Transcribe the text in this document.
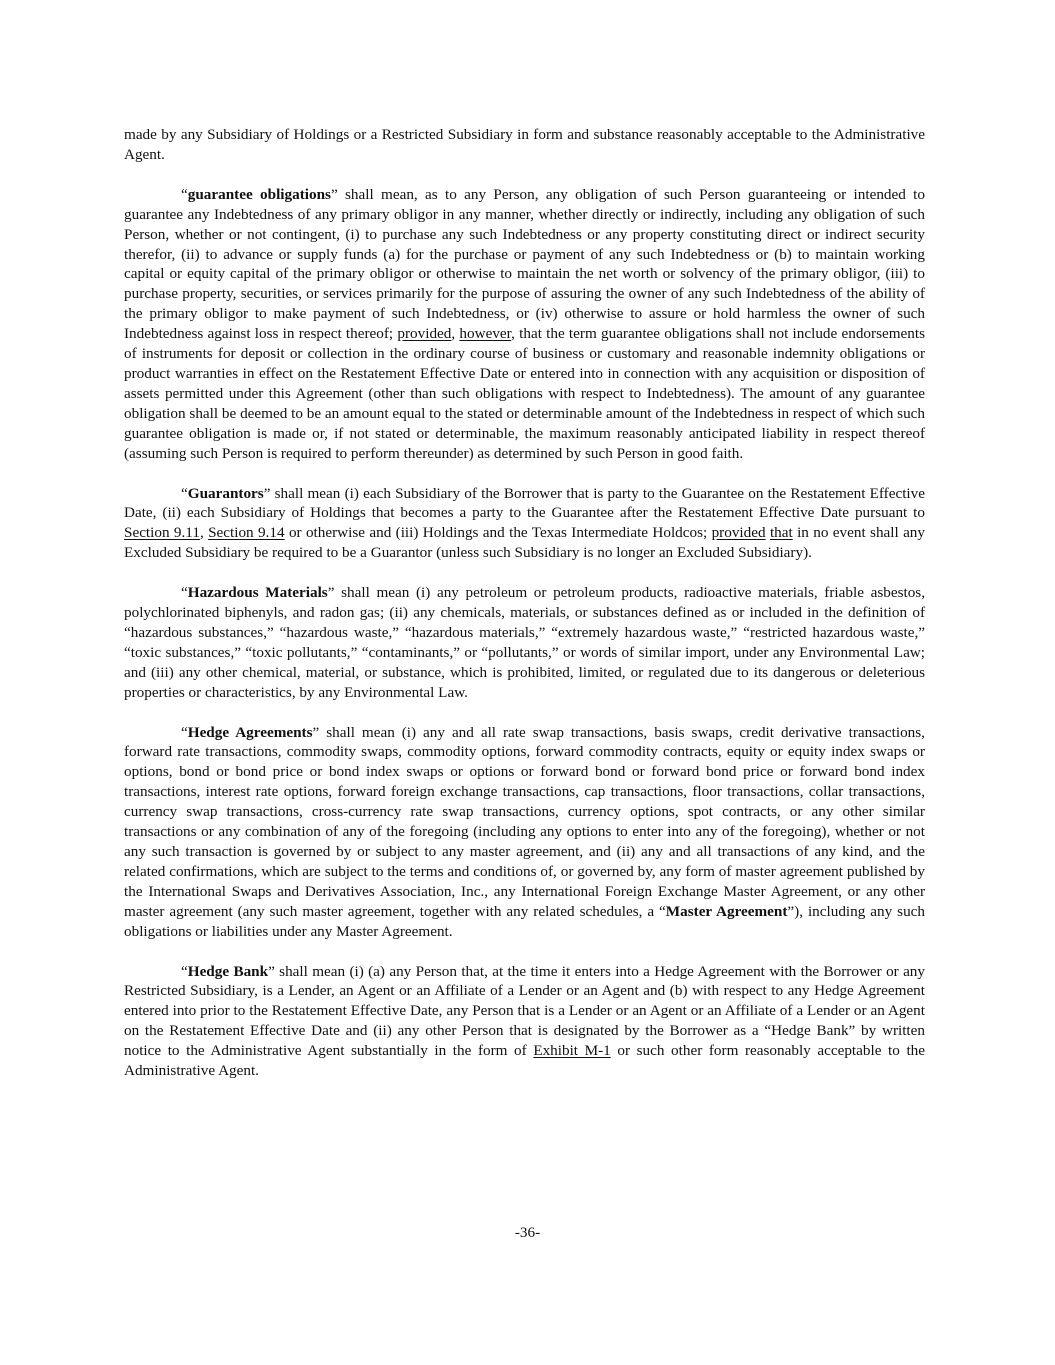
made by any Subsidiary of Holdings or a Restricted Subsidiary in form and substance reasonably acceptable to the Administrative Agent.

“guarantee obligations” shall mean, as to any Person, any obligation of such Person guaranteeing or intended to guarantee any Indebtedness of any primary obligor in any manner, whether directly or indirectly, including any obligation of such Person, whether or not contingent, (i) to purchase any such Indebtedness or any property constituting direct or indirect security therefor, (ii) to advance or supply funds (a) for the purchase or payment of any such Indebtedness or (b) to maintain working capital or equity capital of the primary obligor or otherwise to maintain the net worth or solvency of the primary obligor, (iii) to purchase property, securities, or services primarily for the purpose of assuring the owner of any such Indebtedness of the ability of the primary obligor to make payment of such Indebtedness, or (iv) otherwise to assure or hold harmless the owner of such Indebtedness against loss in respect thereof; provided, however, that the term guarantee obligations shall not include endorsements of instruments for deposit or collection in the ordinary course of business or customary and reasonable indemnity obligations or product warranties in effect on the Restatement Effective Date or entered into in connection with any acquisition or disposition of assets permitted under this Agreement (other than such obligations with respect to Indebtedness). The amount of any guarantee obligation shall be deemed to be an amount equal to the stated or determinable amount of the Indebtedness in respect of which such guarantee obligation is made or, if not stated or determinable, the maximum reasonably anticipated liability in respect thereof (assuming such Person is required to perform thereunder) as determined by such Person in good faith.

“Guarantors” shall mean (i) each Subsidiary of the Borrower that is party to the Guarantee on the Restatement Effective Date, (ii) each Subsidiary of Holdings that becomes a party to the Guarantee after the Restatement Effective Date pursuant to Section 9.11, Section 9.14 or otherwise and (iii) Holdings and the Texas Intermediate Holdcos; provided that in no event shall any Excluded Subsidiary be required to be a Guarantor (unless such Subsidiary is no longer an Excluded Subsidiary).

“Hazardous Materials” shall mean (i) any petroleum or petroleum products, radioactive materials, friable asbestos, polychlorinated biphenyls, and radon gas; (ii) any chemicals, materials, or substances defined as or included in the definition of “hazardous substances,” “hazardous waste,” “hazardous materials,” “extremely hazardous waste,” “restricted hazardous waste,” “toxic substances,” “toxic pollutants,” “contaminants,” or “pollutants,” or words of similar import, under any Environmental Law; and (iii) any other chemical, material, or substance, which is prohibited, limited, or regulated due to its dangerous or deleterious properties or characteristics, by any Environmental Law.

“Hedge Agreements” shall mean (i) any and all rate swap transactions, basis swaps, credit derivative transactions, forward rate transactions, commodity swaps, commodity options, forward commodity contracts, equity or equity index swaps or options, bond or bond price or bond index swaps or options or forward bond or forward bond price or forward bond index transactions, interest rate options, forward foreign exchange transactions, cap transactions, floor transactions, collar transactions, currency swap transactions, cross-currency rate swap transactions, currency options, spot contracts, or any other similar transactions or any combination of any of the foregoing (including any options to enter into any of the foregoing), whether or not any such transaction is governed by or subject to any master agreement, and (ii) any and all transactions of any kind, and the related confirmations, which are subject to the terms and conditions of, or governed by, any form of master agreement published by the International Swaps and Derivatives Association, Inc., any International Foreign Exchange Master Agreement, or any other master agreement (any such master agreement, together with any related schedules, a “Master Agreement”), including any such obligations or liabilities under any Master Agreement.

“Hedge Bank” shall mean (i) (a) any Person that, at the time it enters into a Hedge Agreement with the Borrower or any Restricted Subsidiary, is a Lender, an Agent or an Affiliate of a Lender or an Agent and (b) with respect to any Hedge Agreement entered into prior to the Restatement Effective Date, any Person that is a Lender or an Agent or an Affiliate of a Lender or an Agent on the Restatement Effective Date and (ii) any other Person that is designated by the Borrower as a “Hedge Bank” by written notice to the Administrative Agent substantially in the form of Exhibit M-1 or such other form reasonably acceptable to the Administrative Agent.

-36-
